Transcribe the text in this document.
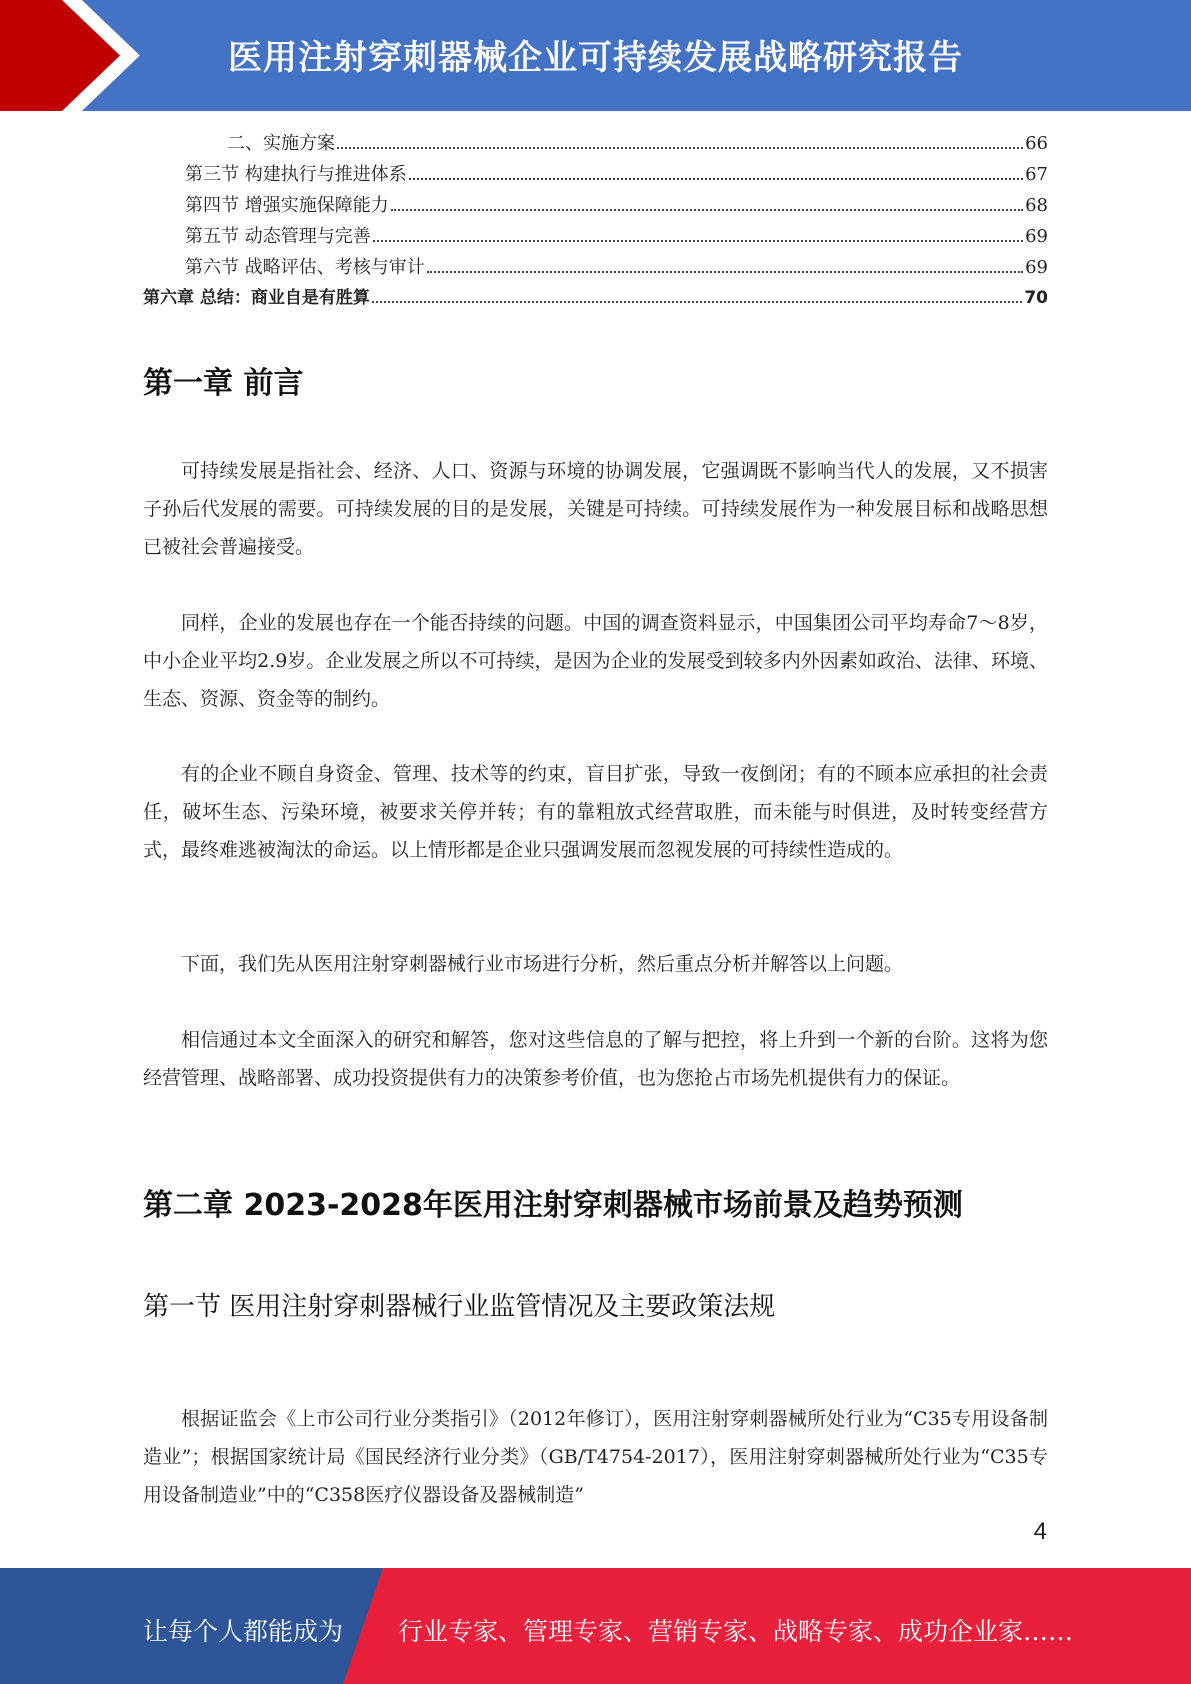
医用注射穿刺器械企业可持续发展战略研究报告
二、实施方案	66
第三节 构建执行与推进体系	67
第四节 增强实施保障能力	68
第五节 动态管理与完善	69
第六节 战略评估、考核与审计	69
第六章 总结：商业自是有胜算	70
第一章 前言
可持续发展是指社会、经济、人口、资源与环境的协调发展，它强调既不影响当代人的发展，又不损害子孙后代发展的需要。可持续发展的目的是发展，关键是可持续。可持续发展作为一种发展目标和战略思想已被社会普遍接受。
同样，企业的发展也存在一个能否持续的问题。中国的调查资料显示，中国集团公司平均寿命7～8岁，中小企业平均2.9岁。企业发展之所以不可持续，是因为企业的发展受到较多内外因素如政治、法律、环境、生态、资源、资金等的制约。
有的企业不顾自身资金、管理、技术等的约束，盲目扩张，导致一夜倒闭；有的不顾本应承担的社会责任，破坏生态、污染环境，被要求关停并转；有的靠粗放式经营取胜，而未能与时俱进，及时转变经营方式，最终难逃被淘汰的命运。以上情形都是企业只强调发展而忽视发展的可持续性造成的。
下面，我们先从医用注射穿刺器械行业市场进行分析，然后重点分析并解答以上问题。
相信通过本文全面深入的研究和解答，您对这些信息的了解与把控，将上升到一个新的台阶。这将为您经营管理、战略部署、成功投资提供有力的决策参考价值，也为您抢占市场先机提供有力的保证。
第二章 2023-2028年医用注射穿刺器械市场前景及趋势预测
第一节 医用注射穿刺器械行业监管情况及主要政策法规
根据证监会《上市公司行业分类指引》（2012年修订），医用注射穿刺器械所处行业为“C35专用设备制造业”；根据国家统计局《国民经济行业分类》（GB/T4754-2017），医用注射穿刺器械所处行业为“C35专用设备制造业”中的“C358医疗仪器设备及器械制造”
4
让每个人都能成为 行业专家、管理专家、营销专家、战略专家、成功企业家……
